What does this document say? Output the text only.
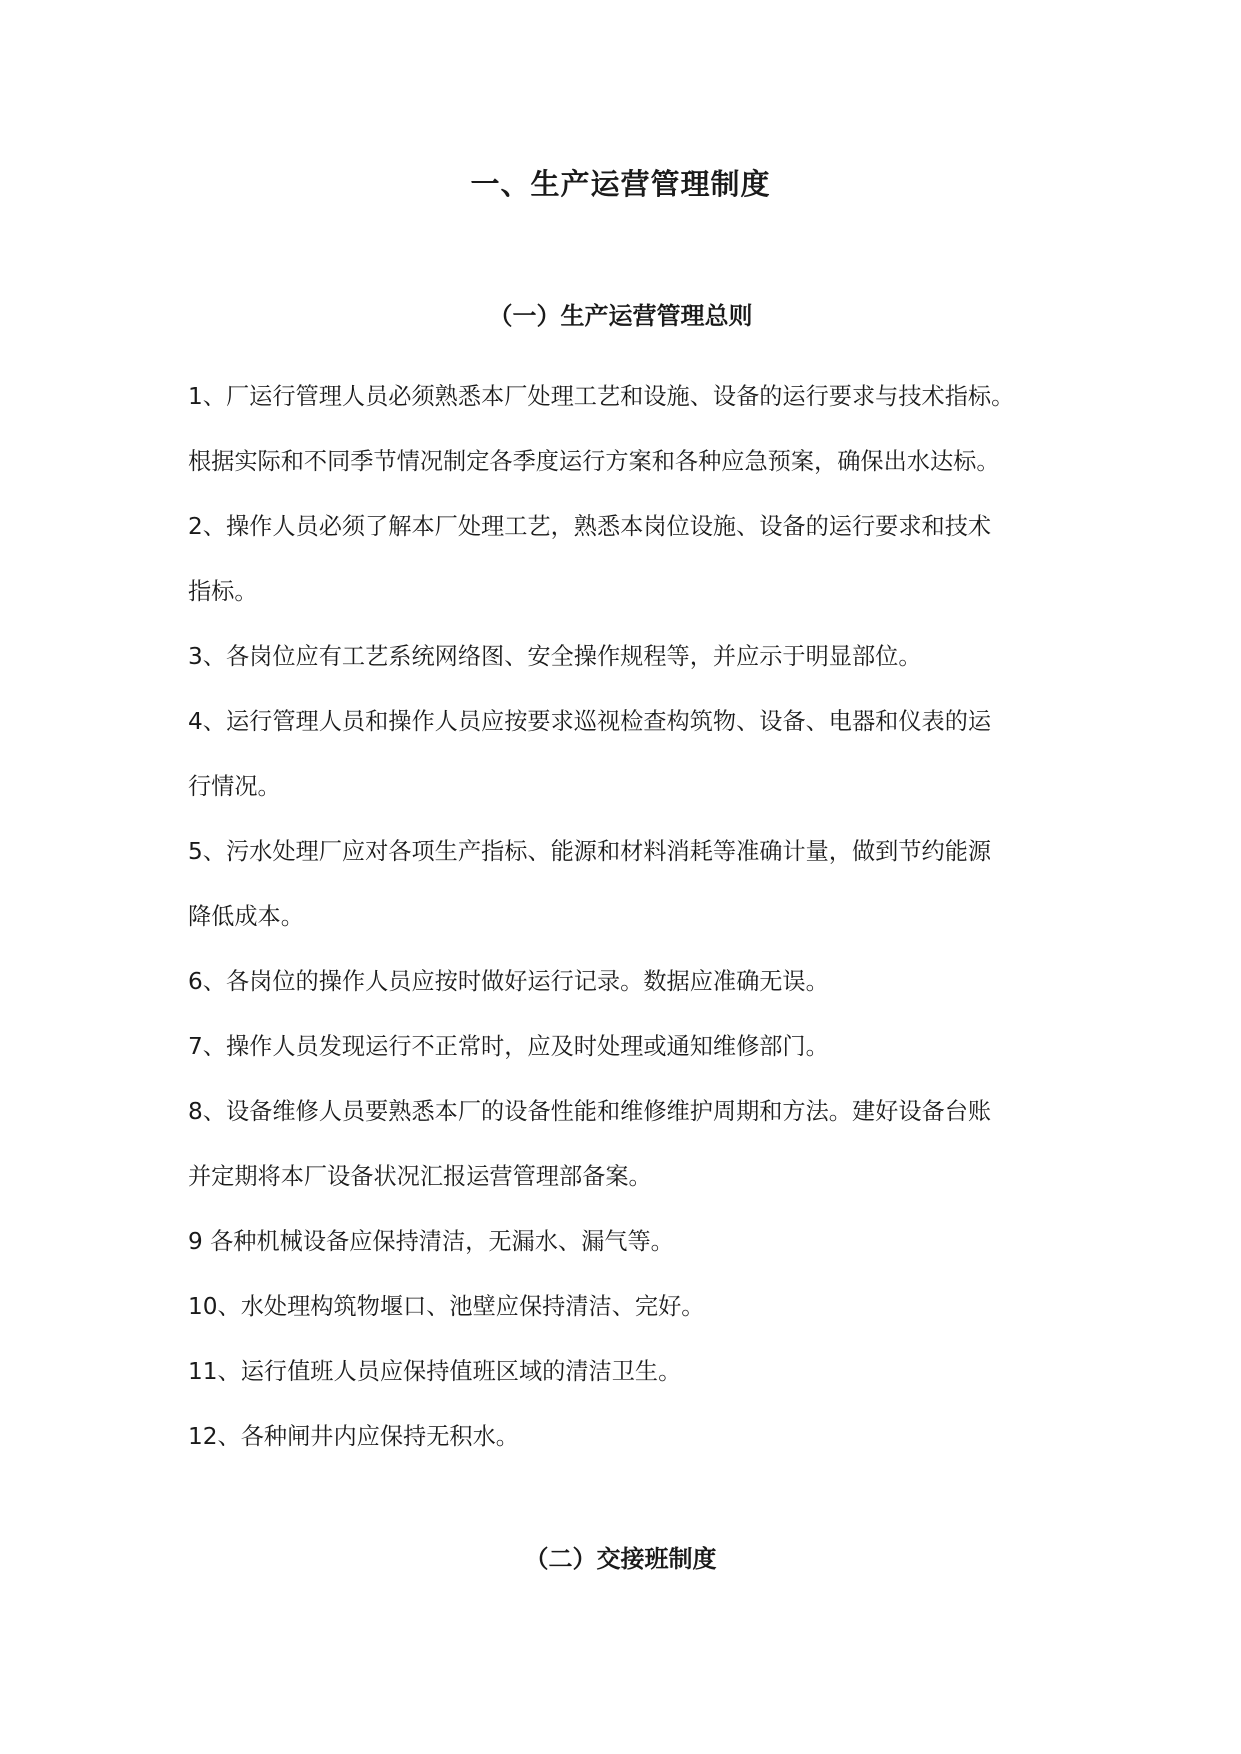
一、生产运营管理制度
（一）生产运营管理总则
1、厂运行管理人员必须熟悉本厂处理工艺和设施、设备的运行要求与技术指标。
根据实际和不同季节情况制定各季度运行方案和各种应急预案，确保出水达标。
2、操作人员必须了解本厂处理工艺，熟悉本岗位设施、设备的运行要求和技术
指标。
3、各岗位应有工艺系统网络图、安全操作规程等，并应示于明显部位。
4、运行管理人员和操作人员应按要求巡视检查构筑物、设备、电器和仪表的运
行情况。
5、污水处理厂应对各项生产指标、能源和材料消耗等准确计量，做到节约能源
降低成本。
6、各岗位的操作人员应按时做好运行记录。数据应准确无误。
7、操作人员发现运行不正常时，应及时处理或通知维修部门。
8、设备维修人员要熟悉本厂的设备性能和维修维护周期和方法。建好设备台账
并定期将本厂设备状况汇报运营管理部备案。
9 各种机械设备应保持清洁，无漏水、漏气等。
10、水处理构筑物堰口、池壁应保持清洁、完好。
11、运行值班人员应保持值班区域的清洁卫生。
12、各种闸井内应保持无积水。
（二）交接班制度
